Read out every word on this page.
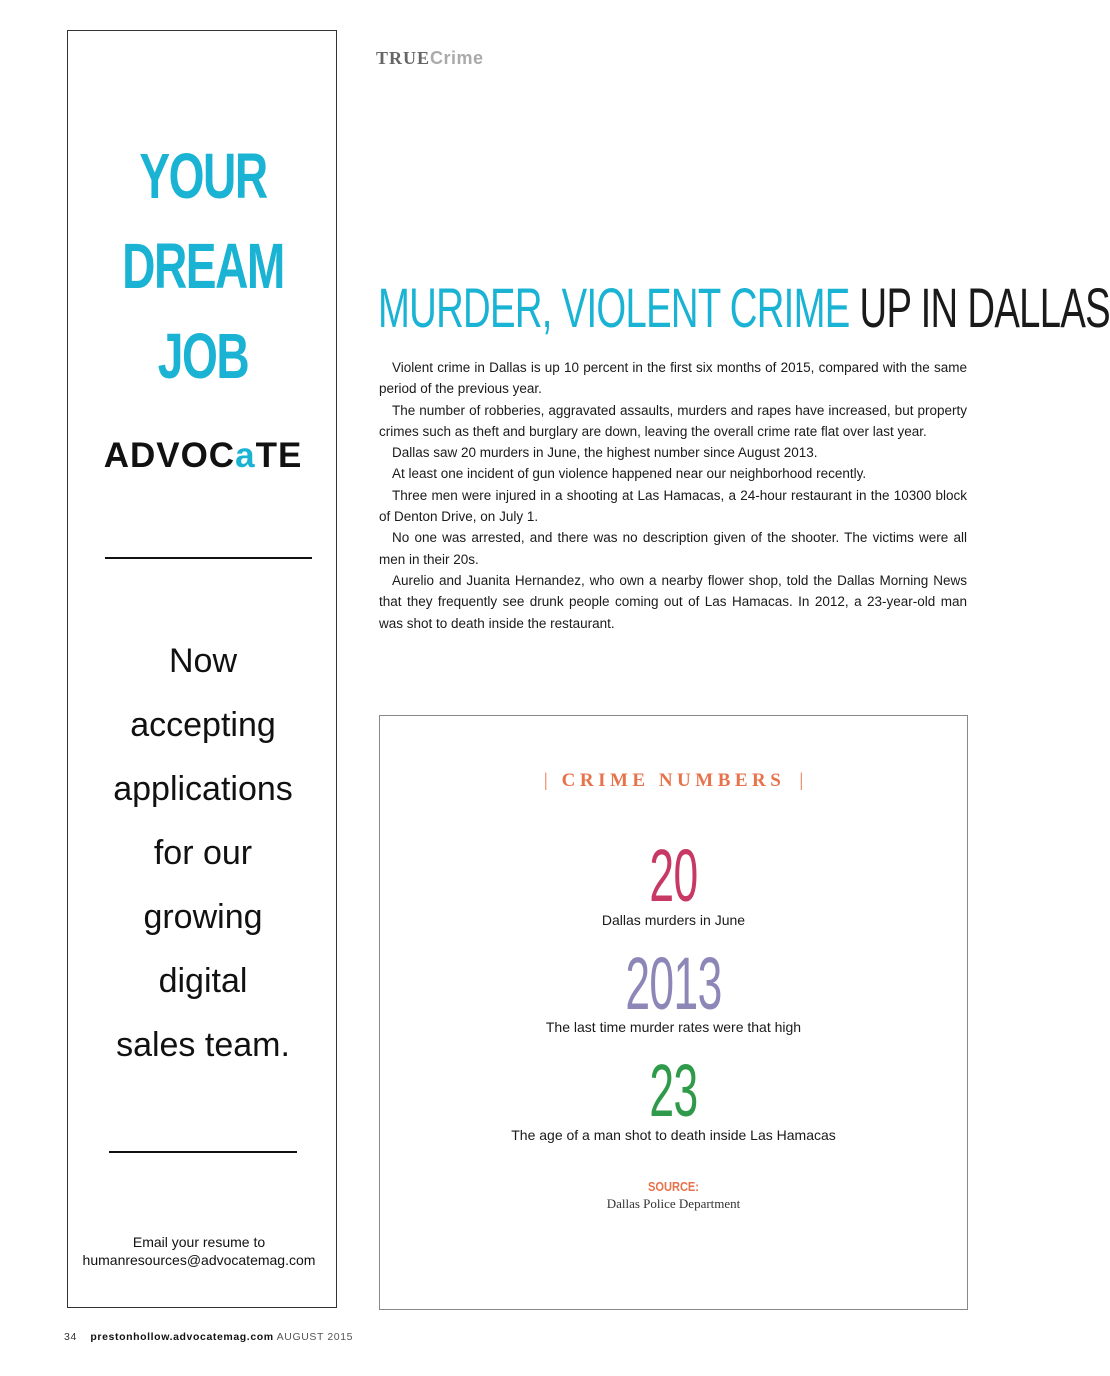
YOUR
DREAM
JOB
ADVOCaTE
Now
accepting
applications
for our
growing
digital
sales team.
Email your resume to
humanresources@advocatemag.com
TRUECrime
MURDER, VIOLENT CRIME UP IN DALLAS

Violent crime in Dallas is up 10 percent in the first six months of 2015, compared with the same period of the previous year.

The number of robberies, aggravated assaults, murders and rapes have increased, but property crimes such as theft and burglary are down, leaving the overall crime rate flat over last year.

Dallas saw 20 murders in June, the highest number since August 2013.

At least one incident of gun violence happened near our neighborhood recently.

Three men were injured in a shooting at Las Hamacas, a 24-hour restaurant in the 10300 block of Denton Drive, on July 1.

No one was arrested, and there was no description given of the shooter. The victims were all men in their 20s.

Aurelio and Juanita Hernandez, who own a nearby flower shop, told the Dallas Morning News that they frequently see drunk people coming out of Las Hamacas. In 2012, a 23-year-old man was shot to death inside the restaurant.

| CRIME NUMBERS |
20
Dallas murders in June
2013
The last time murder rates were that high
23
The age of a man shot to death inside Las Hamacas
SOURCE:
Dallas Police Department
34 prestonhollow.advocatemag.com AUGUST 2015
